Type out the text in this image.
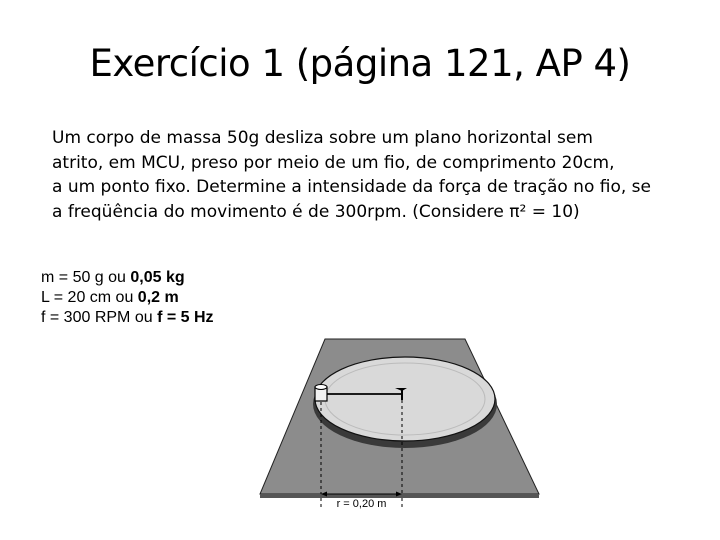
Exercício 1 (página 121, AP 4)
Um corpo de massa 50g desliza sobre um plano horizontal sem
atrito, em MCU, preso por meio de um fio, de comprimento 20cm,
a um ponto fixo. Determine a intensidade da força de tração no fio, se
a freqüência do movimento é de 300rpm. (Considere π² = 10)
m = 50 g ou 0,05 kg
L = 20 cm ou 0,2 m
f = 300 RPM ou f = 5 Hz
r = 0,20 m
